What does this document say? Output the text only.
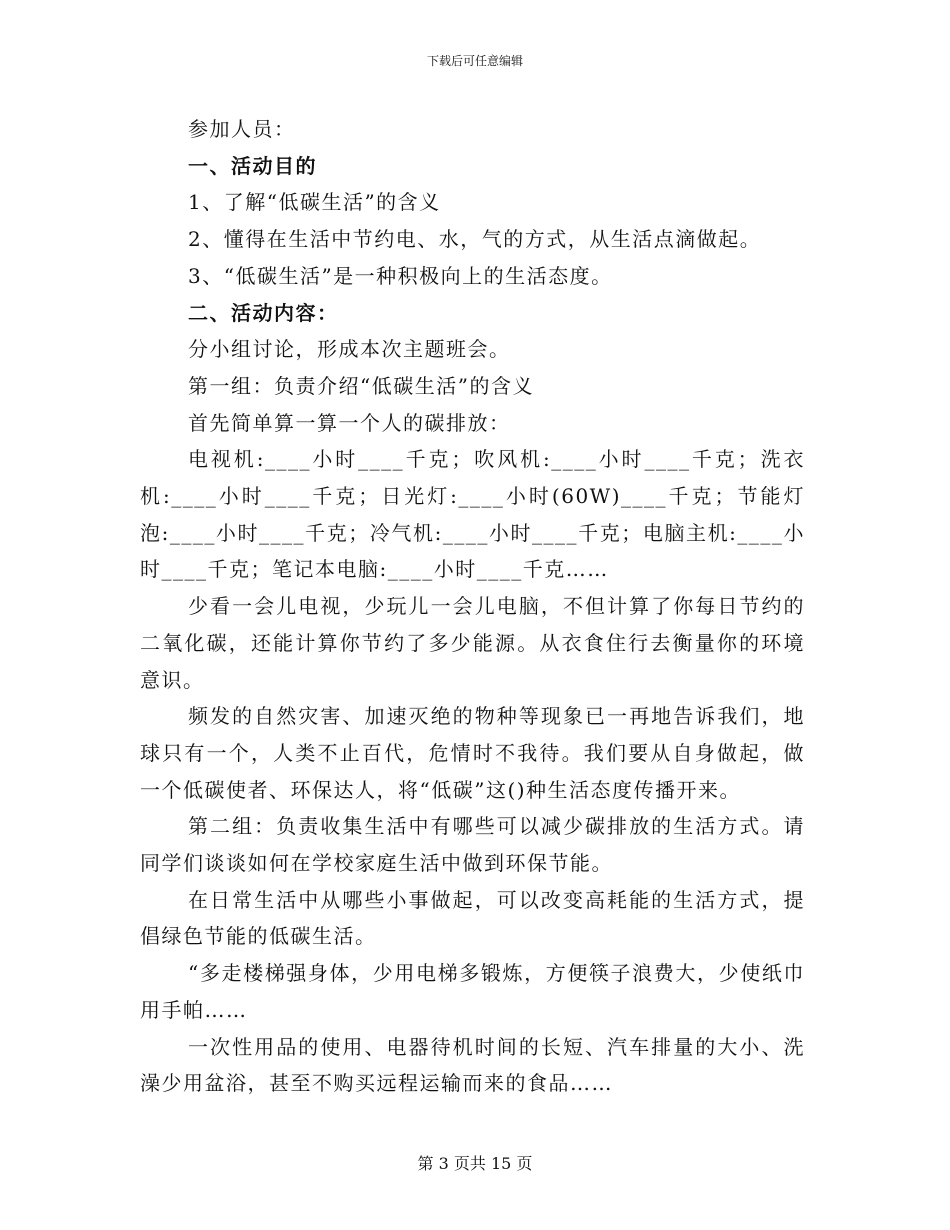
下载后可任意编辑

参加人员：

一、活动目的

1、了解“低碳生活”的含义

2、懂得在生活中节约电、水，气的方式，从生活点滴做起。

3、“低碳生活”是一种积极向上的生活态度。

二、活动内容：

分小组讨论，形成本次主题班会。

第一组：负责介绍“低碳生活”的含义

首先简单算一算一个人的碳排放：

电视机:____小时____千克；吹风机:____小时____千克；洗衣机:____小时____千克；日光灯:____小时(60W)____千克；节能灯泡:____小时____千克；冷气机:____小时____千克；电脑主机:____小时____千克；笔记本电脑:____小时____千克……

少看一会儿电视，少玩儿一会儿电脑，不但计算了你每日节约的二氧化碳，还能计算你节约了多少能源。从衣食住行去衡量你的环境意识。

频发的自然灾害、加速灭绝的物种等现象已一再地告诉我们，地球只有一个，人类不止百代，危情时不我待。我们要从自身做起，做一个低碳使者、环保达人，将“低碳”这()种生活态度传播开来。

第二组：负责收集生活中有哪些可以减少碳排放的生活方式。请同学们谈谈如何在学校家庭生活中做到环保节能。

在日常生活中从哪些小事做起，可以改变高耗能的生活方式，提倡绿色节能的低碳生活。

“多走楼梯强身体，少用电梯多锻炼，方便筷子浪费大，少使纸巾用手帕……

一次性用品的使用、电器待机时间的长短、汽车排量的大小、洗澡少用盆浴，甚至不购买远程运输而来的食品……

第 3 页共 15 页
